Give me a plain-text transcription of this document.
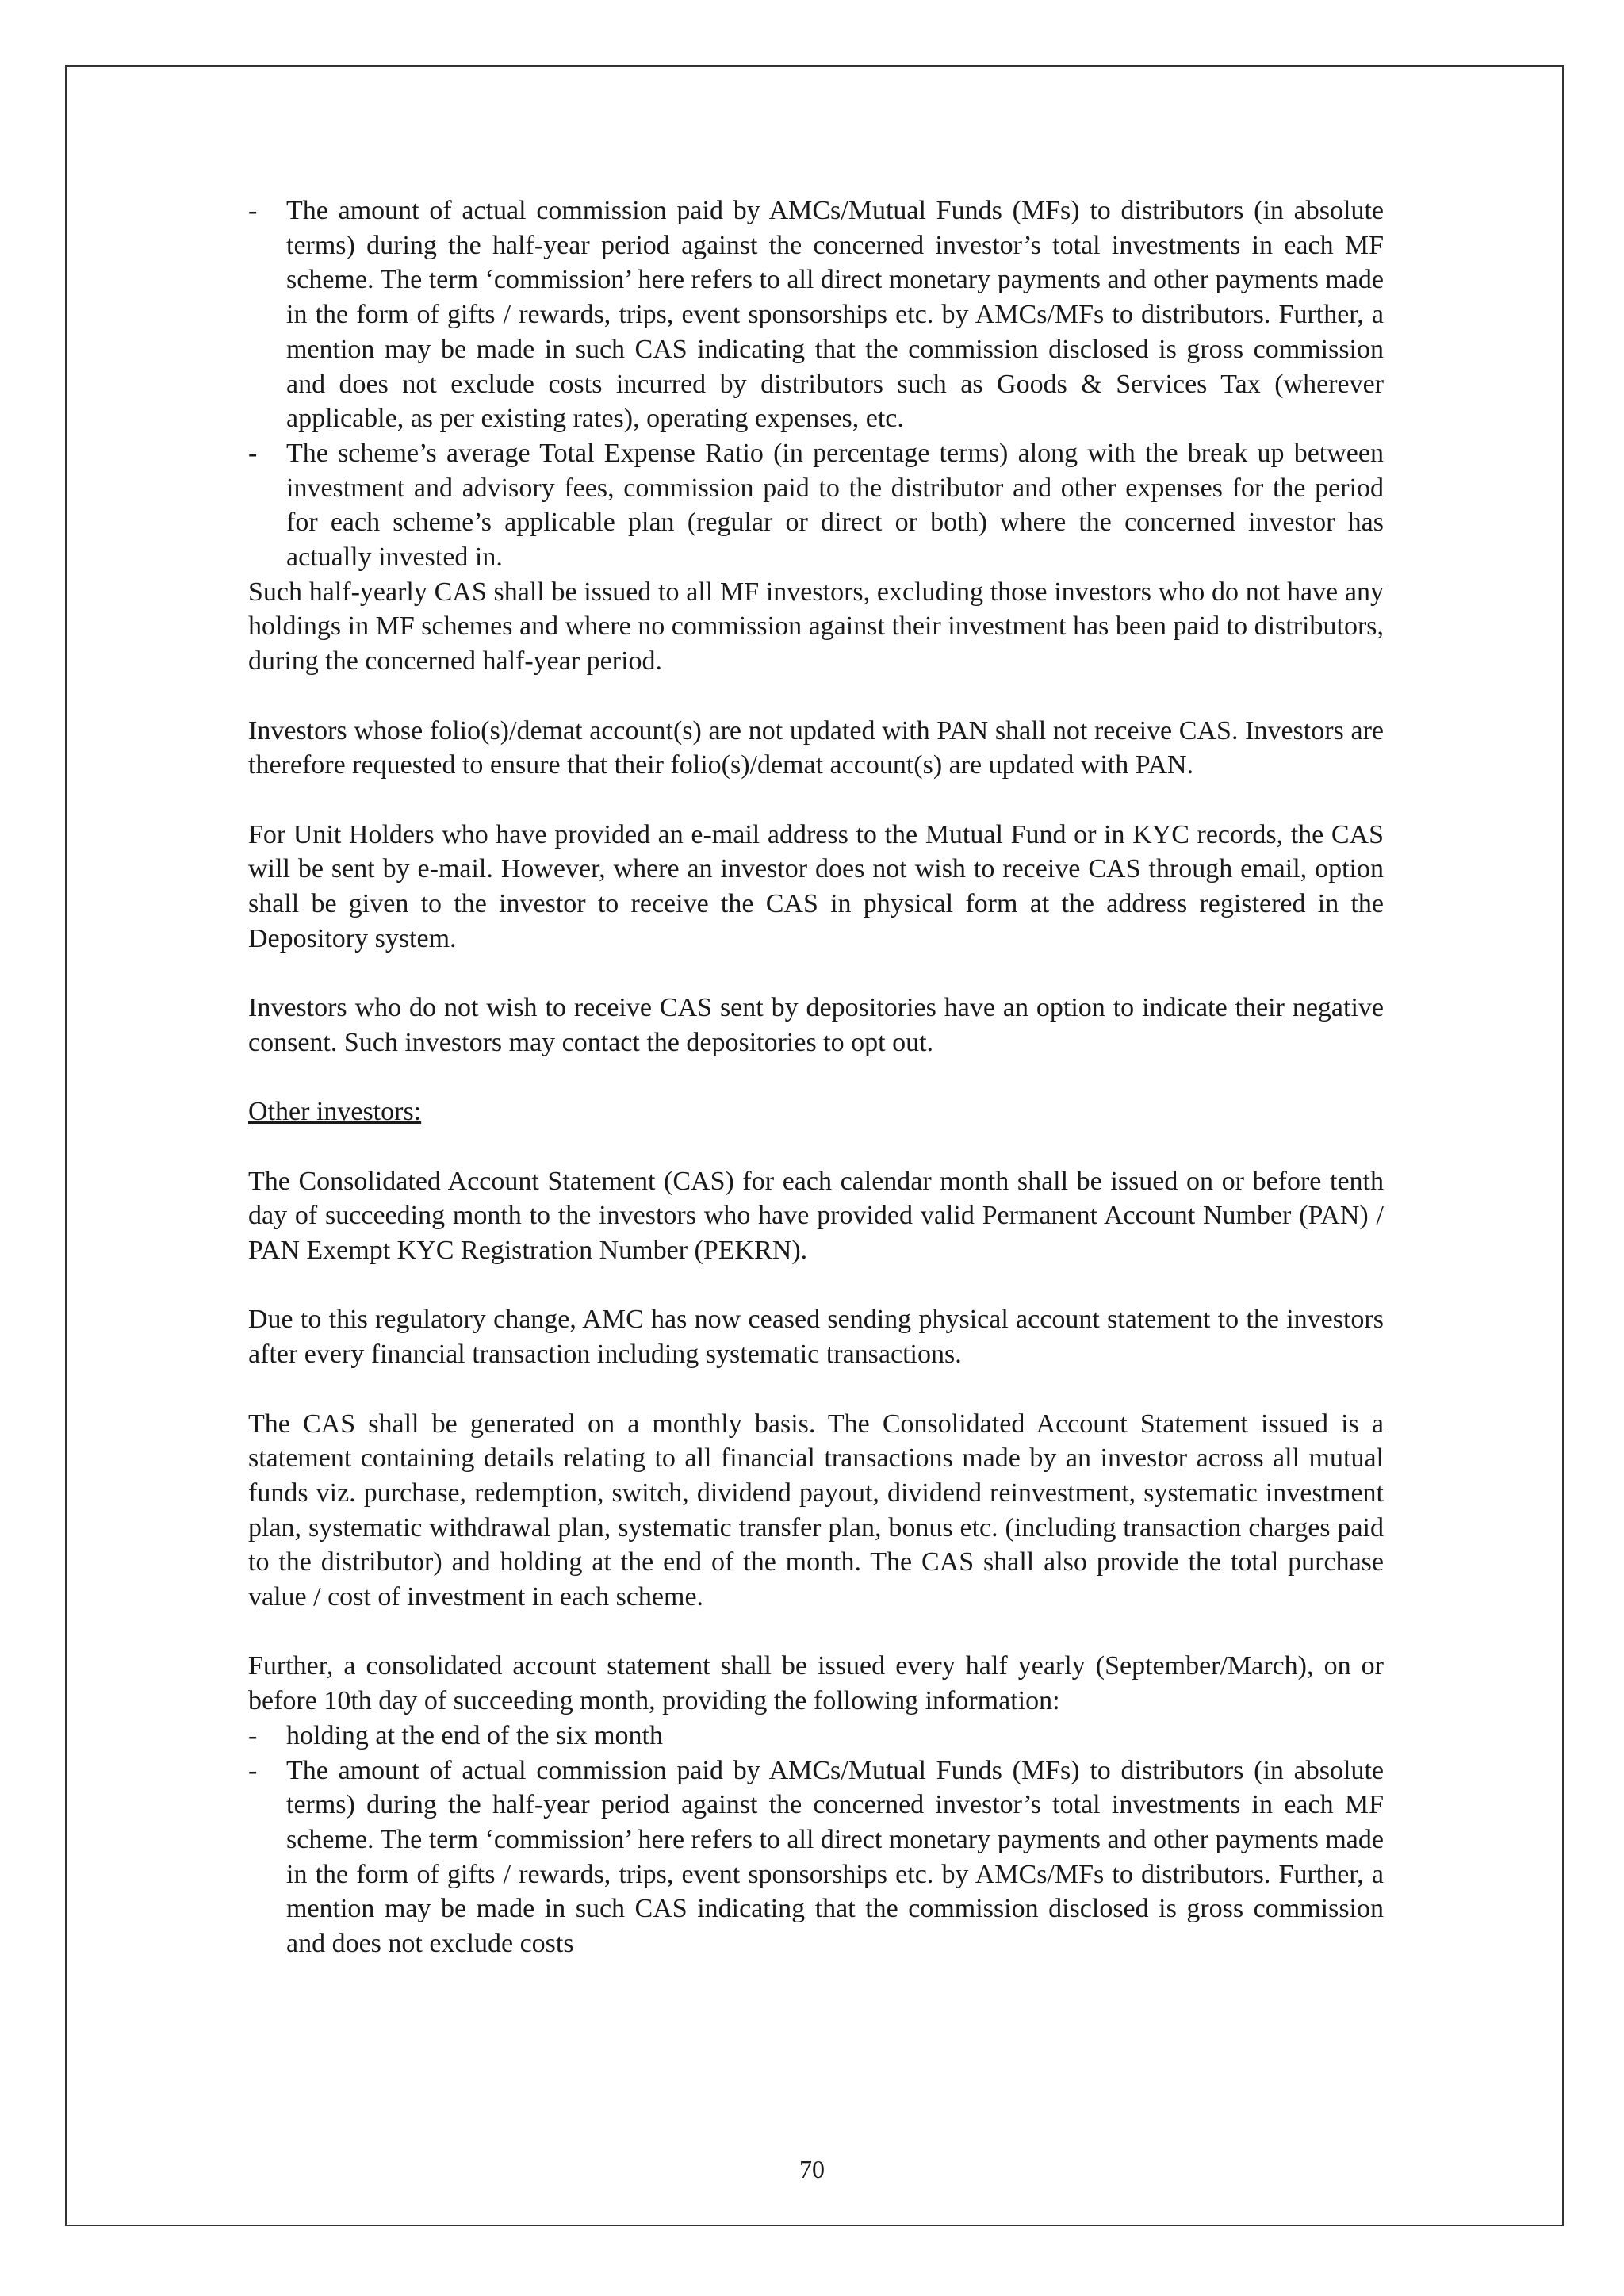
- The amount of actual commission paid by AMCs/Mutual Funds (MFs) to distributors (in absolute terms) during the half-year period against the concerned investor’s total investments in each MF scheme. The term ‘commission’ here refers to all direct monetary payments and other payments made in the form of gifts / rewards, trips, event sponsorships etc. by AMCs/MFs to distributors. Further, a mention may be made in such CAS indicating that the commission disclosed is gross commission and does not exclude costs incurred by distributors such as Goods & Services Tax (wherever applicable, as per existing rates), operating expenses, etc.
- The scheme’s average Total Expense Ratio (in percentage terms) along with the break up between investment and advisory fees, commission paid to the distributor and other expenses for the period for each scheme’s applicable plan (regular or direct or both) where the concerned investor has actually invested in.

Such half-yearly CAS shall be issued to all MF investors, excluding those investors who do not have any holdings in MF schemes and where no commission against their investment has been paid to distributors, during the concerned half-year period.

Investors whose folio(s)/demat account(s) are not updated with PAN shall not receive CAS. Investors are therefore requested to ensure that their folio(s)/demat account(s) are updated with PAN.

For Unit Holders who have provided an e-mail address to the Mutual Fund or in KYC records, the CAS will be sent by e-mail. However, where an investor does not wish to receive CAS through email, option shall be given to the investor to receive the CAS in physical form at the address registered in the Depository system.

Investors who do not wish to receive CAS sent by depositories have an option to indicate their negative consent. Such investors may contact the depositories to opt out.

Other investors:

The Consolidated Account Statement (CAS) for each calendar month shall be issued on or before tenth day of succeeding month to the investors who have provided valid Permanent Account Number (PAN) / PAN Exempt KYC Registration Number (PEKRN).

Due to this regulatory change, AMC has now ceased sending physical account statement to the investors after every financial transaction including systematic transactions.

The CAS shall be generated on a monthly basis. The Consolidated Account Statement issued is a statement containing details relating to all financial transactions made by an investor across all mutual funds viz. purchase, redemption, switch, dividend payout, dividend reinvestment, systematic investment plan, systematic withdrawal plan, systematic transfer plan, bonus etc. (including transaction charges paid to the distributor) and holding at the end of the month. The CAS shall also provide the total purchase value / cost of investment in each scheme.

Further, a consolidated account statement shall be issued every half yearly (September/March), on or before 10th day of succeeding month, providing the following information:

- holding at the end of the six month
- The amount of actual commission paid by AMCs/Mutual Funds (MFs) to distributors (in absolute terms) during the half-year period against the concerned investor’s total investments in each MF scheme. The term ‘commission’ here refers to all direct monetary payments and other payments made in the form of gifts / rewards, trips, event sponsorships etc. by AMCs/MFs to distributors. Further, a mention may be made in such CAS indicating that the commission disclosed is gross commission and does not exclude costs
70
